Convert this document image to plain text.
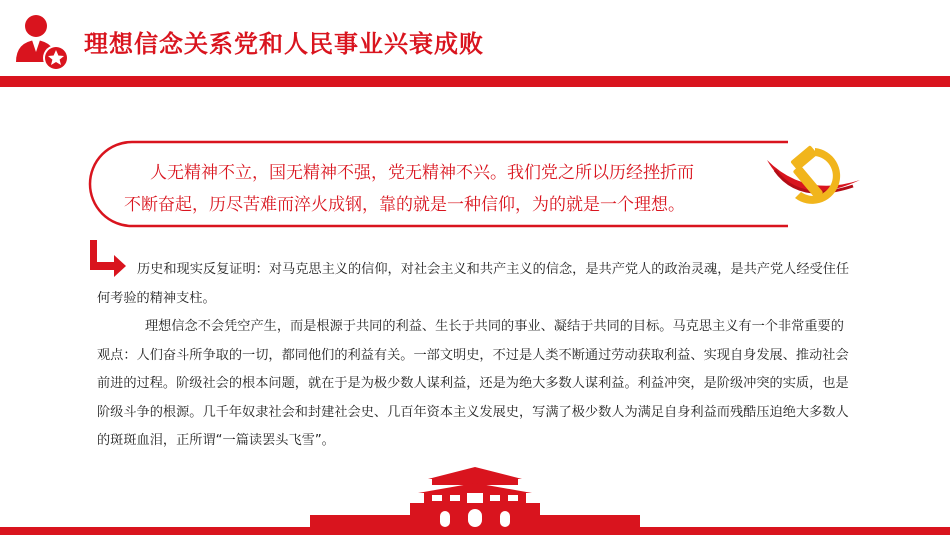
理想信念关系党和人民事业兴衰成败
人无精神不立，国无精神不强，党无精神不兴。我们党之所以历经挫折而
不断奋起，历尽苦难而淬火成钢，靠的就是一种信仰，为的就是一个理想。

历史和现实反复证明：对马克思主义的信仰，对社会主义和共产主义的信念，是共产党人的政治灵魂，是共产党人经受住任何考验的精神支柱。

理想信念不会凭空产生，而是根源于共同的利益、生长于共同的事业、凝结于共同的目标。马克思主义有一个非常重要的观点：人们奋斗所争取的一切，都同他们的利益有关。一部文明史，不过是人类不断通过劳动获取利益、实现自身发展、推动社会前进的过程。阶级社会的根本问题，就在于是为极少数人谋利益，还是为绝大多数人谋利益。利益冲突，是阶级冲突的实质，也是阶级斗争的根源。几千年奴隶社会和封建社会史、几百年资本主义发展史，写满了极少数人为满足自身利益而残酷压迫绝大多数人的斑斑血泪，正所谓“一篇读罢头飞雪”。
